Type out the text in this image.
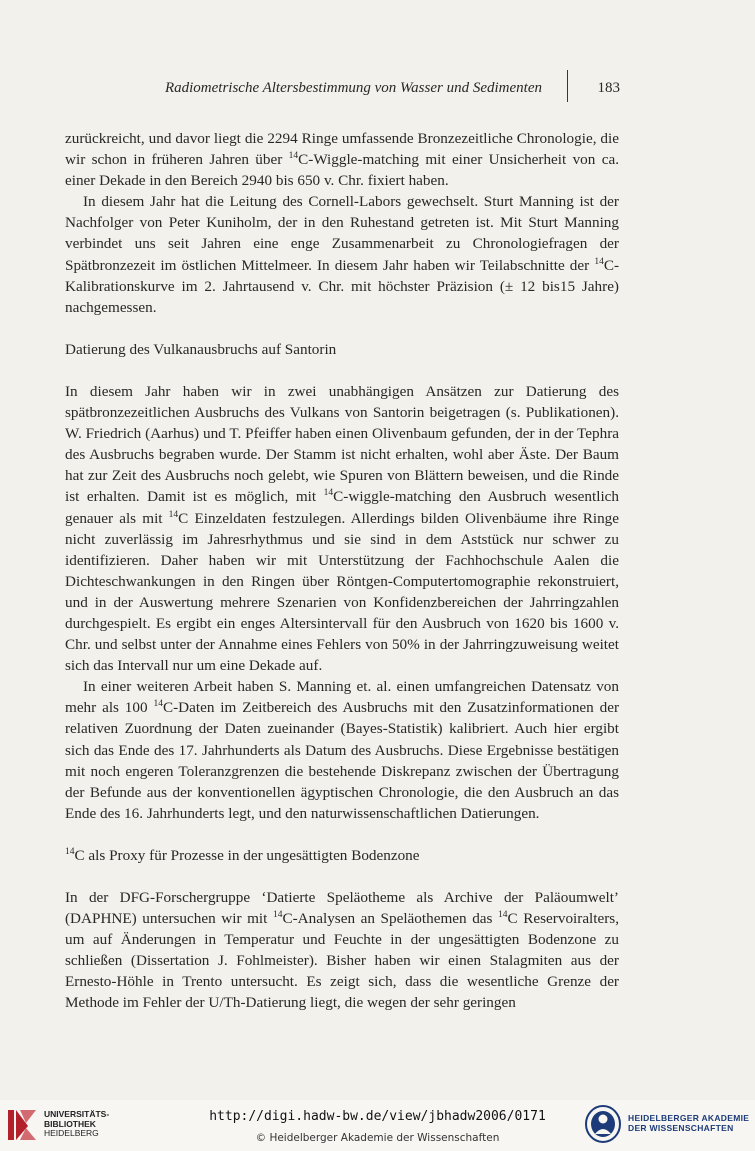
Radiometrische Altersbestimmung von Wasser und Sedimenten	183

zurückreicht, und davor liegt die 2294 Ringe umfassende Bronzezeitliche Chronologie, die wir schon in früheren Jahren über $^{14}$C-Wiggle-matching mit einer Unsicherheit von ca. einer Dekade in den Bereich 2940 bis 650 v. Chr. fixiert haben.

In diesem Jahr hat die Leitung des Cornell-Labors gewechselt. Sturt Manning ist der Nachfolger von Peter Kuniholm, der in den Ruhestand getreten ist. Mit Sturt Manning verbindet uns seit Jahren eine enge Zusammenarbeit zu Chronologiefragen der Spätbronzezeit im östlichen Mittelmeer. In diesem Jahr haben wir Teilabschnitte der $^{14}$C-Kalibrationskurve im 2. Jahrtausend v. Chr. mit höchster Präzision (± 12 bis15 Jahre) nachgemessen.

Datierung des Vulkanausbruchs auf Santorin

In diesem Jahr haben wir in zwei unabhängigen Ansätzen zur Datierung des spätbronzezeitlichen Ausbruchs des Vulkans von Santorin beigetragen (s. Publikationen). W. Friedrich (Aarhus) und T. Pfeiffer haben einen Olivenbaum gefunden, der in der Tephra des Ausbruchs begraben wurde. Der Stamm ist nicht erhalten, wohl aber Äste. Der Baum hat zur Zeit des Ausbruchs noch gelebt, wie Spuren von Blättern beweisen, und die Rinde ist erhalten. Damit ist es möglich, mit $^{14}$C-wiggle-matching den Ausbruch wesentlich genauer als mit $^{14}$C Einzeldaten festzulegen. Allerdings bilden Olivenbäume ihre Ringe nicht zuverlässig im Jahresrhythmus und sie sind in dem Aststück nur schwer zu identifizieren. Daher haben wir mit Unterstützung der Fachhochschule Aalen die Dichteschwankungen in den Ringen über Röntgen-Computertomographie rekonstruiert, und in der Auswertung mehrere Szenarien von Konfidenzbereichen der Jahrringzahlen durchgespielt. Es ergibt ein enges Altersintervall für den Ausbruch von 1620 bis 1600 v. Chr. und selbst unter der Annahme eines Fehlers von 50% in der Jahrringzuweisung weitet sich das Intervall nur um eine Dekade auf.

In einer weiteren Arbeit haben S. Manning et. al. einen umfangreichen Datensatz von mehr als 100 $^{14}$C-Daten im Zeitbereich des Ausbruchs mit den Zusatzinformationen der relativen Zuordnung der Daten zueinander (Bayes-Statistik) kalibriert. Auch hier ergibt sich das Ende des 17. Jahrhunderts als Datum des Ausbruchs. Diese Ergebnisse bestätigen mit noch engeren Toleranzgrenzen die bestehende Diskrepanz zwischen der Übertragung der Befunde aus der konventionellen ägyptischen Chronologie, die den Ausbruch an das Ende des 16. Jahrhunderts legt, und den naturwissenschaftlichen Datierungen.

$^{14}$C als Proxy für Prozesse in der ungesättigten Bodenzone

In der DFG-Forschergruppe ‘Datierte Speläotheme als Archive der Paläoumwelt’ (DAPHNE) untersuchen wir mit $^{14}$C-Analysen an Speläothemen das $^{14}$C Reservoiralters, um auf Änderungen in Temperatur und Feuchte in der ungesättigten Bodenzone zu schließen (Dissertation J. Fohlmeister). Bisher haben wir einen Stalagmiten aus der Ernesto-Höhle in Trento untersucht. Es zeigt sich, dass die wesentliche Grenze der Methode im Fehler der U/Th-Datierung liegt, die wegen der sehr geringen

UNIVERSITÄTS-
BIBLIOTHEK
HEIDELBERG
http://digi.hadw-bw.de/view/jbhadw2006/0171
© Heidelberger Akademie der Wissenschaften
HEIDELBERGER AKADEMIE
DER WISSENSCHAFTEN
